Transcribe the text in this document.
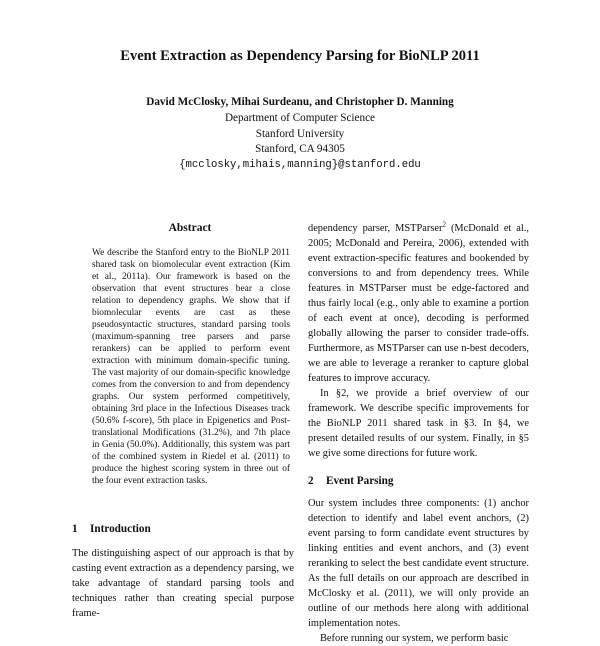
Event Extraction as Dependency Parsing for BioNLP 2011
David McClosky, Mihai Surdeanu, and Christopher D. Manning
Department of Computer Science
Stanford University
Stanford, CA 94305
{mcclosky,mihais,manning}@stanford.edu
Abstract

We describe the Stanford entry to the BioNLP 2011 shared task on biomolecular event extraction (Kim et al., 2011a). Our framework is based on the observation that event structures bear a close relation to dependency graphs. We show that if biomolecular events are cast as these pseudosyntactic structures, standard parsing tools (maximum-spanning tree parsers and parse rerankers) can be applied to perform event extraction with minimum domain-specific tuning. The vast majority of our domain-specific knowledge comes from the conversion to and from dependency graphs. Our system performed competitively, obtaining 3rd place in the Infectious Diseases track (50.6% f-score), 5th place in Epigenetics and Post-translational Modifications (31.2%), and 7th place in Genia (50.0%). Additionally, this system was part of the combined system in Riedel et al. (2011) to produce the highest scoring system in three out of the four event extraction tasks.

1 Introduction

The distinguishing aspect of our approach is that by casting event extraction as a dependency parsing, we take advantage of standard parsing tools and techniques rather than creating special purpose frame-

dependency parser, MSTParser$^2$ (McDonald et al., 2005; McDonald and Pereira, 2006), extended with event extraction-specific features and bookended by conversions to and from dependency trees. While features in MSTParser must be edge-factored and thus fairly local (e.g., only able to examine a portion of each event at once), decoding is performed globally allowing the parser to consider trade-offs. Furthermore, as MSTParser can use n-best decoders, we are able to leverage a reranker to capture global features to improve accuracy.

In §2, we provide a brief overview of our framework. We describe specific improvements for the BioNLP 2011 shared task in §3. In §4, we present detailed results of our system. Finally, in §5 we give some directions for future work.

2 Event Parsing

Our system includes three components: (1) anchor detection to identify and label event anchors, (2) event parsing to form candidate event structures by linking entities and event anchors, and (3) event reranking to select the best candidate event structure. As the full details on our approach are described in McClosky et al. (2011), we will only provide an outline of our methods here along with additional implementation notes.

Before running our system, we perform basic
